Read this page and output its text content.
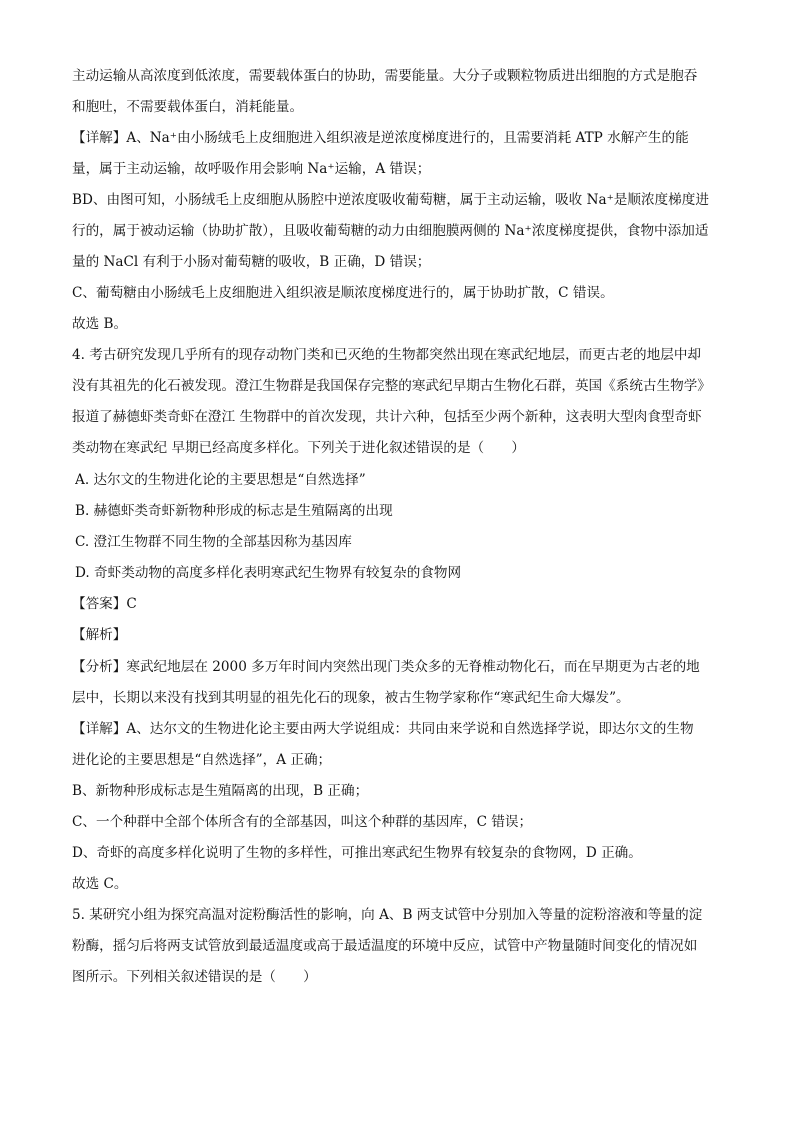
主动运输从高浓度到低浓度，需要载体蛋白的协助，需要能量。大分子或颗粒物质进出细胞的方式是胞吞
和胞吐，不需要载体蛋白，消耗能量。
【详解】A、Na⁺由小肠绒毛上皮细胞进入组织液是逆浓度梯度进行的，且需要消耗 ATP 水解产生的能
量，属于主动运输，故呼吸作用会影响 Na⁺运输，A 错误；
BD、由图可知，小肠绒毛上皮细胞从肠腔中逆浓度吸收葡萄糖，属于主动运输，吸收 Na⁺是顺浓度梯度进
行的，属于被动运输（协助扩散），且吸收葡萄糖的动力由细胞膜两侧的 Na⁺浓度梯度提供，食物中添加适
量的 NaCl 有利于小肠对葡萄糖的吸收，B 正确，D 错误；
C、葡萄糖由小肠绒毛上皮细胞进入组织液是顺浓度梯度进行的，属于协助扩散，C 错误。
故选 B。
4. 考古研究发现几乎所有的现存动物门类和已灭绝的生物都突然出现在寒武纪地层，而更古老的地层中却
没有其祖先的化石被发现。澄江生物群是我国保存完整的寒武纪早期古生物化石群，英国《系统古生物学》
报道了赫德虾类奇虾在澄江 生物群中的首次发现，共计六种，包括至少两个新种，这表明大型肉食型奇虾
类动物在寒武纪 早期已经高度多样化。下列关于进化叙述错误的是（　　）
A. 达尔文的生物进化论的主要思想是“自然选择”
B. 赫德虾类奇虾新物种形成的标志是生殖隔离的出现
C. 澄江生物群不同生物的全部基因称为基因库
D. 奇虾类动物的高度多样化表明寒武纪生物界有较复杂的食物网
【答案】C
【解析】
【分析】寒武纪地层在 2000 多万年时间内突然出现门类众多的无脊椎动物化石，而在早期更为古老的地
层中，长期以来没有找到其明显的祖先化石的现象，被古生物学家称作“寒武纪生命大爆发”。
【详解】A、达尔文的生物进化论主要由两大学说组成：共同由来学说和自然选择学说，即达尔文的生物
进化论的主要思想是“自然选择”，A 正确；
B、新物种形成标志是生殖隔离的出现，B 正确；
C、一个种群中全部个体所含有的全部基因，叫这个种群的基因库，C 错误；
D、奇虾的高度多样化说明了生物的多样性，可推出寒武纪生物界有较复杂的食物网，D 正确。
故选 C。
5. 某研究小组为探究高温对淀粉酶活性的影响，向 A、B 两支试管中分别加入等量的淀粉溶液和等量的淀
粉酶，摇匀后将两支试管放到最适温度或高于最适温度的环境中反应，试管中产物量随时间变化的情况如
图所示。下列相关叙述错误的是（　　）
